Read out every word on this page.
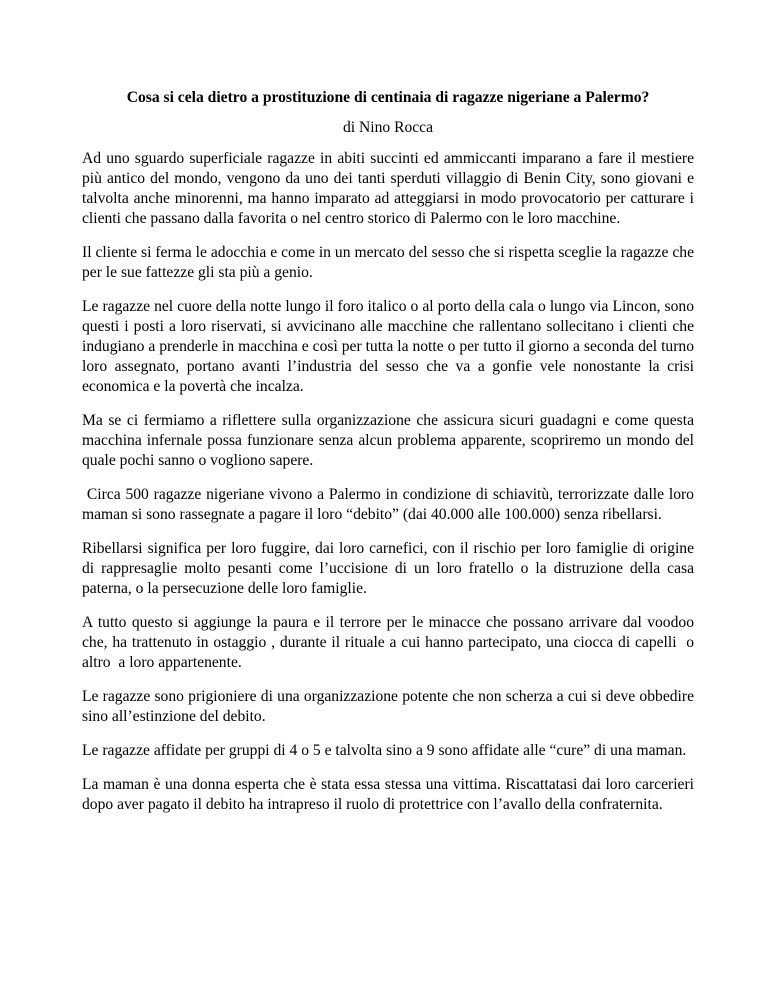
Cosa si cela dietro a prostituzione di centinaia di ragazze nigeriane a Palermo?
di Nino Rocca
Ad uno sguardo superficiale ragazze in abiti succinti ed ammiccanti imparano a fare il mestiere più antico del mondo, vengono da uno dei tanti sperduti villaggio di Benin City, sono giovani e talvolta anche minorenni, ma hanno imparato ad atteggiarsi in modo provocatorio per catturare i clienti che passano dalla favorita o nel centro storico di Palermo con le loro macchine.
Il cliente si ferma le adocchia e come in un mercato del sesso che si rispetta sceglie la ragazze che per le sue fattezze gli sta più a genio.
Le ragazze nel cuore della notte lungo il foro italico o al porto della cala o lungo via Lincon, sono questi i posti a loro riservati, si avvicinano alle macchine che rallentano sollecitano i clienti che indugiano a prenderle in macchina e così per tutta la notte o per tutto il giorno a seconda del turno loro assegnato, portano avanti l’industria del sesso che va a gonfie vele nonostante la crisi economica e la povertà che incalza.
Ma se ci fermiamo a riflettere sulla organizzazione che assicura sicuri guadagni e come questa macchina infernale possa funzionare senza alcun problema apparente, scopriremo un mondo del quale pochi sanno o vogliono sapere.
Circa 500 ragazze nigeriane vivono a Palermo in condizione di schiavitù, terrorizzate dalle loro maman si sono rassegnate a pagare il loro “debito” (dai 40.000 alle 100.000) senza ribellarsi.
Ribellarsi significa per loro fuggire, dai loro carnefici, con il rischio per loro famiglie di origine di rappresaglie molto pesanti come l’uccisione di un loro fratello o la distruzione della casa paterna, o la persecuzione delle loro famiglie.
A tutto questo si aggiunge la paura e il terrore per le minacce che possano arrivare dal voodoo che, ha trattenuto in ostaggio , durante il rituale a cui hanno partecipato, una ciocca di capelli  o altro  a loro appartenente.
Le ragazze sono prigioniere di una organizzazione potente che non scherza a cui si deve obbedire sino all’estinzione del debito.
Le ragazze affidate per gruppi di 4 o 5 e talvolta sino a 9 sono affidate alle “cure” di una maman.
La maman è una donna esperta che è stata essa stessa una vittima. Riscattatasi dai loro carcerieri dopo aver pagato il debito ha intrapreso il ruolo di protettrice con l’avallo della confraternita.
